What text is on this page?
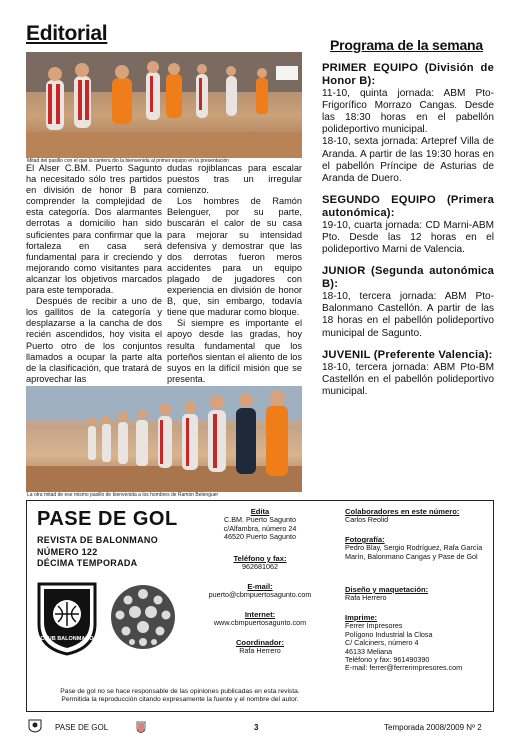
Editorial	Programa de la semana
Mitad del pasillo con el que la cantera dio la bienvenida al primer equipo en la presentación

El Alser C.BM. Puerto Sagunto ha necesitado sólo tres partidos en división de honor B para comprender la complejidad de esta categoría. Dos alarmantes derrotas a domicilio han sido suficientes para confirmar que la fortaleza en casa será fundamental para ir creciendo y mejorando como visitantes para alcanzar los objetivos marcados para este temporada.

Después de recibir a uno de los gallitos de la categoría y desplazarse a la cancha de dos recién ascendidos, hoy visita el Puerto otro de los conjuntos llamados a ocupar la parte alta de la clasificación, que tratará de aprovechar las

dudas rojiblancas para escalar puestos tras un irregular comienzo.

Los hombres de Ramón Belenguer, por su parte, buscarán el calor de su casa para mejorar su intensidad defensiva y demostrar que las dos derrotas fueron meros accidentes para un equipo plagado de jugadores con experiencia en división de honor B, que, sin embargo, todavía tiene que madurar como bloque.

Si siempre es importante el apoyo desde las gradas, hoy resulta fundamental que los porteños sientan el aliento de los suyos en la difícil misión que se presenta.

La otra mitad de ese mismo pasillo de bienvenida a los hombres de Ramón Belenguer
PRIMER EQUIPO (División de Honor B):

11-10, quinta jornada: ABM Pto- Frigorífico Morrazo Cangas. Desde las 18:30 horas en el pabellón polideportivo municipal.

18-10, sexta jornada: Artepref Villa de Aranda. A partir de las 19:30 horas en el pabellón Príncipe de Asturias de Aranda de Duero.

SEGUNDO EQUIPO (Primera autonómica):

19-10, cuarta jornada: CD Marni-ABM Pto. Desde las 12 horas en el polideportivo Marni de Valencia.

JUNIOR (Segunda autonómica B):

18-10, tercera jornada: ABM Pto-Balonmano Castellón. A partir de las 18 horas en el pabellón polideportivo municipal de Sagunto.

JUVENIL (Preferente Valencia):

18-10, tercera jornada: ABM Pto-BM Castellón en el pabellón polideportivo municipal.

PASE DE GOL
REVISTA DE BALONMANO
NÚMERO 122
DÉCIMA TEMPORADA
CLUB BALONMANO
Edita
C.BM. Puerto Sagunto
c/Alfambra, número 24
46520 Puerto Sagunto
Teléfono y fax:
962681062
E-mail:
puerto@cbmpuertosagunto.com
Internet:
www.cbmpuertosagunto.com
Coordinador:
Rafa Herrero
Colaboradores en este número:
Carlos Reolid
Fotografía:
Pedro Blay, Sergio Rodríguez, Rafa García Marín, Balonmano Cangas y Pase de Gol
Diseño y maquetación:
Rafa Herrero
Imprime:
Ferrer Impresores
Polígono Industrial la Closa
C/ Calciners, número 4
46133 Meliana
Teléfono y fax: 961490390
E-mail: ferrer@ferrerimpresores.com
Pase de gol no se hace responsable de las opiniones publicadas en esta revista.
Permitida la reproducción citando expresamente la fuente y el nombre del autor.
PASE DE GOL	3	Temporada 2008/2009 Nº 2
